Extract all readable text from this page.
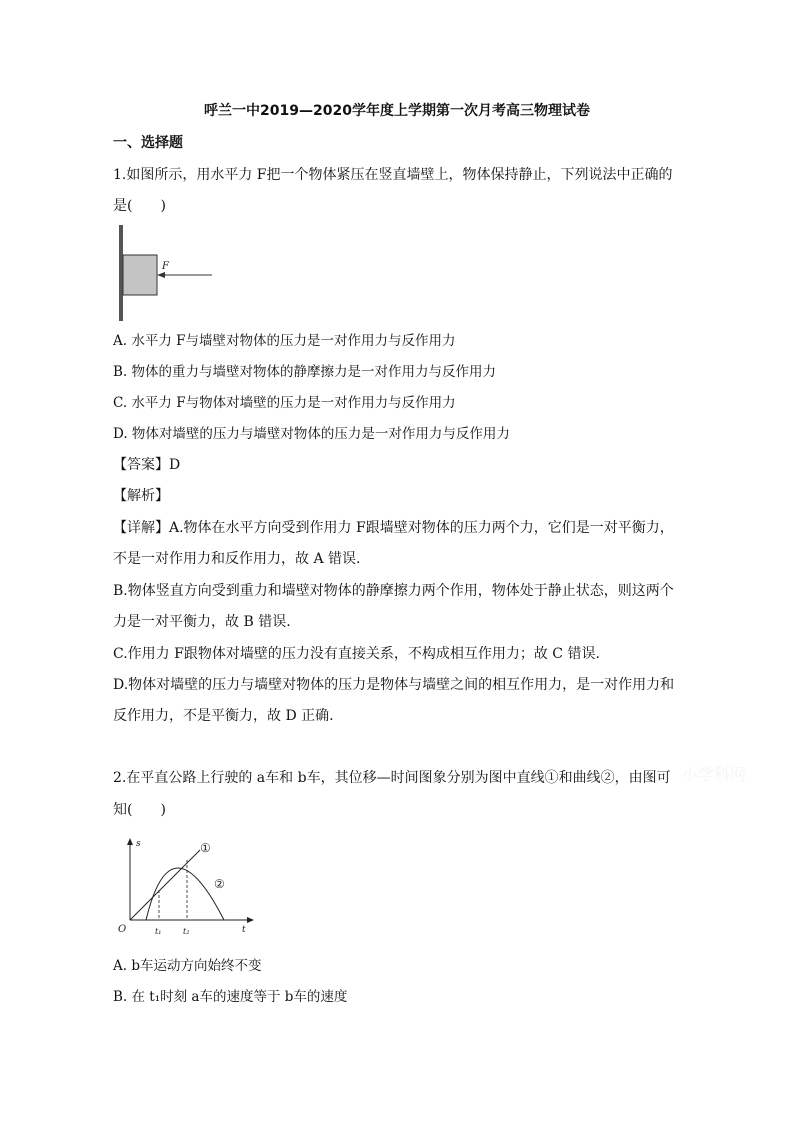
呼兰一中2019—2020学年度上学期第一次月考高三物理试卷
一、选择题
1.如图所示，用水平力 F把一个物体紧压在竖直墙壁上，物体保持静止，下列说法中正确的
是(　　)
F
A. 水平力 F与墙壁对物体的压力是一对作用力与反作用力
B. 物体的重力与墙壁对物体的静摩擦力是一对作用力与反作用力
C. 水平力 F与物体对墙壁的压力是一对作用力与反作用力
D. 物体对墙壁的压力与墙壁对物体的压力是一对作用力与反作用力
【答案】D
【解析】
【详解】A.物体在水平方向受到作用力 F跟墙壁对物体的压力两个力，它们是一对平衡力，
不是一对作用力和反作用力，故 A 错误.
B.物体竖直方向受到重力和墙壁对物体的静摩擦力两个作用，物体处于静止状态，则这两个
力是一对平衡力，故 B 错误.
C.作用力 F跟物体对墙壁的压力没有直接关系，不构成相互作用力；故 C 错误.
D.物体对墙壁的压力与墙壁对物体的压力是物体与墙壁之间的相互作用力，是一对作用力和
反作用力，不是平衡力，故 D 正确.
2.在平直公路上行驶的 a车和 b车，其位移—时间图象分别为图中直线①和曲线②，由图可
知(　　)
s
t
O	t₁	t₂
①
②
A. b车运动方向始终不变
B. 在 t₁时刻 a车的速度等于 b车的速度
小学科网
